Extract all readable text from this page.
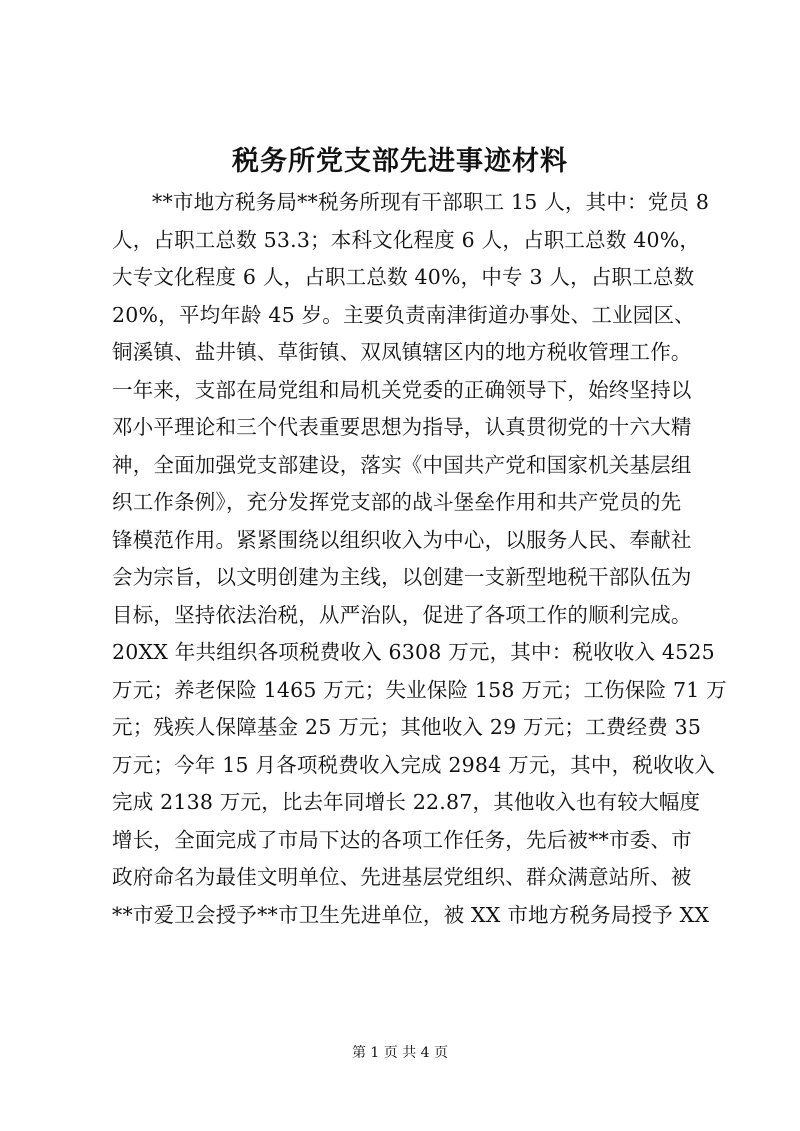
税务所党支部先进事迹材料
**市地方税务局**税务所现有干部职工 15 人，其中：党员 8
人，占职工总数 53.3；本科文化程度 6 人，占职工总数 40%，
大专文化程度 6 人，占职工总数 40%，中专 3 人，占职工总数
20%，平均年龄 45 岁。主要负责南津街道办事处、工业园区、
铜溪镇、盐井镇、草街镇、双凤镇辖区内的地方税收管理工作。
一年来，支部在局党组和局机关党委的正确领导下，始终坚持以
邓小平理论和三个代表重要思想为指导，认真贯彻党的十六大精
神，全面加强党支部建设，落实《中国共产党和国家机关基层组
织工作条例》，充分发挥党支部的战斗堡垒作用和共产党员的先
锋模范作用。紧紧围绕以组织收入为中心，以服务人民、奉献社
会为宗旨，以文明创建为主线，以创建一支新型地税干部队伍为
目标，坚持依法治税，从严治队，促进了各项工作的顺利完成。
20XX 年共组织各项税费收入 6308 万元，其中：税收收入 4525
万元；养老保险 1465 万元；失业保险 158 万元；工伤保险 71 万
元；残疾人保障基金 25 万元；其他收入 29 万元；工费经费 35
万元；今年 15 月各项税费收入完成 2984 万元，其中，税收收入
完成 2138 万元，比去年同增长 22.87，其他收入也有较大幅度
增长，全面完成了市局下达的各项工作任务，先后被**市委、市
政府命名为最佳文明单位、先进基层党组织、群众满意站所、被
**市爱卫会授予**市卫生先进单位，被 XX 市地方税务局授予 XX
第 1 页 共 4 页
